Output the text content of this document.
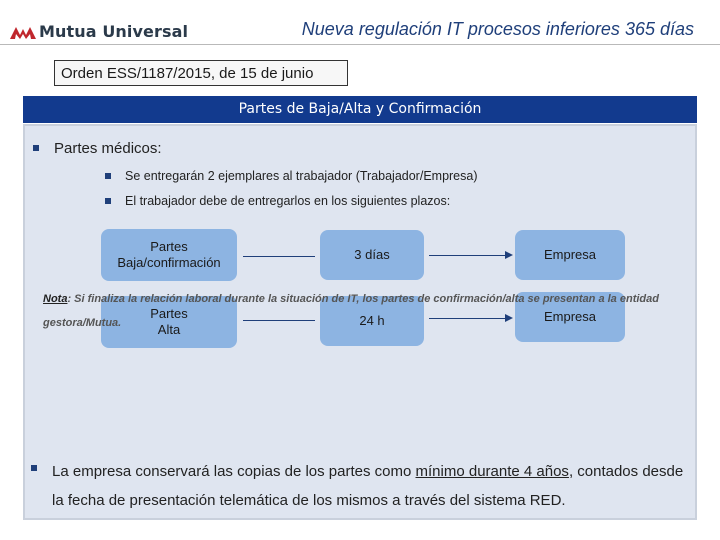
Mutua Universal	Nueva regulación IT procesos inferiores 365 días
Orden ESS/1187/2015, de 15 de junio
Partes de Baja/Alta y Confirmación
Partes médicos:
Se entregarán 2 ejemplares al trabajador (Trabajador/Empresa)
El trabajador debe de entregarlos en los siguientes plazos:
Partes Baja/confirmación
3 días	Empresa
Partes Alta
24 h	Empresa
Nota: Si finaliza la relación laboral durante la situación de IT, los partes de confirmación/alta se presentan a la entidad gestora/Mutua.
La empresa conservará las copias de los partes como mínimo durante 4 años, contados desde la fecha de presentación telemática de los mismos a través del sistema RED.
